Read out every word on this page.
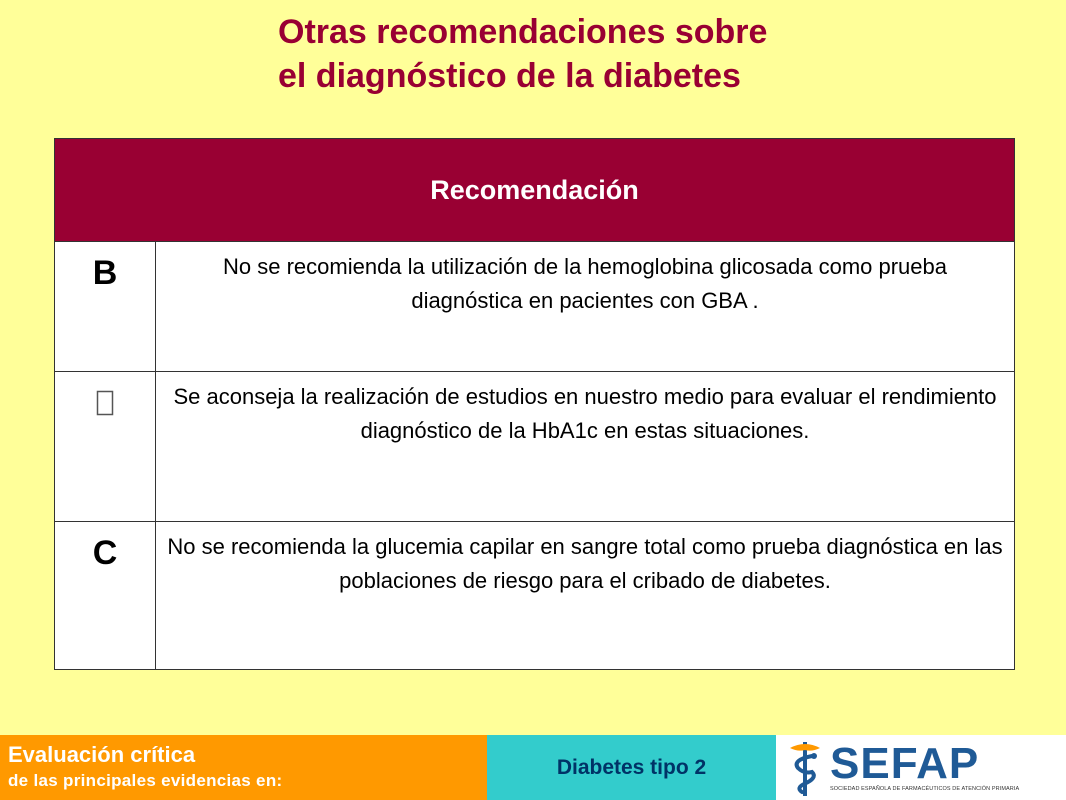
Otras recomendaciones sobre
el diagnóstico de la diabetes
Recomendación	
B	No se recomienda la utilización de la hemoglobina glicosada como prueba diagnóstica en pacientes con GBA .
	Se aconseja la realización de estudios en nuestro medio para evaluar el rendimiento diagnóstico de la HbA1c en estas situaciones.
C	No se recomienda la glucemia capilar en sangre total como prueba diagnóstica en las poblaciones de riesgo para el cribado de diabetes.
Evaluación crítica
de las principales evidencias en:
Diabetes tipo 2	SEFAP
SOCIEDAD ESPAÑOLA DE FARMACÉUTICOS DE ATENCIÓN PRIMARIA
